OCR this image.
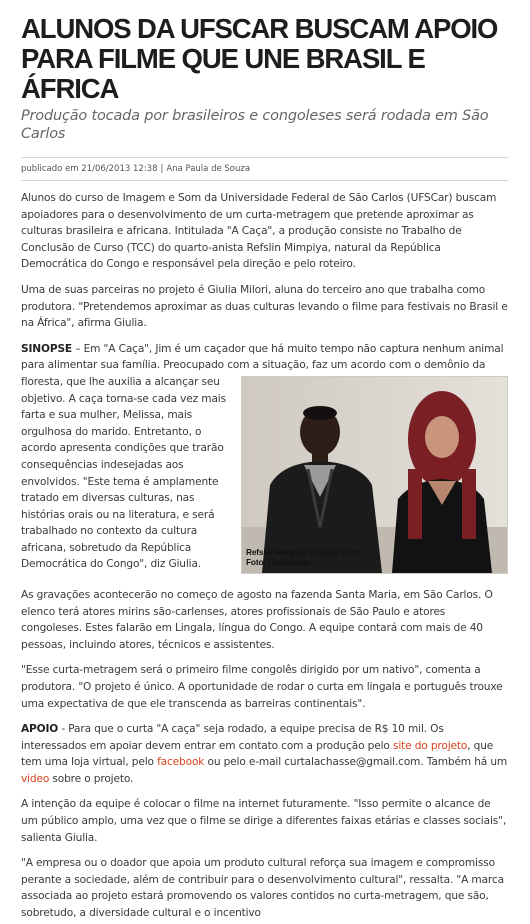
ALUNOS DA UFSCAR BUSCAM APOIO PARA FILME QUE UNE BRASIL E ÁFRICA
Produção tocada por brasileiros e congoleses será rodada em São Carlos
publicado em 21/06/2013 12:38 | Ana Paula de Souza

Alunos do curso de Imagem e Som da Universidade Federal de São Carlos (UFSCar) buscam apoiadores para o desenvolvimento de um curta-metragem que pretende aproximar as culturas brasileira e africana. Intitulada "A Caça", a produção consiste no Trabalho de Conclusão de Curso (TCC) do quarto-anista Refslin Mimpiya, natural da República Democrática do Congo e responsável pela direção e pelo roteiro.

Uma de suas parceiras no projeto é Giulia Milori, aluna do terceiro ano que trabalha como produtora. "Pretendemos aproximar as duas culturas levando o filme para festivais no Brasil e na África", afirma Giulia.

SINOPSE – Em "A Caça", Jim é um caçador que há muito tempo não captura nenhum animal para alimentar sua família. Preocupado com a situação, faz um acordo com o
Refslin Mimpiya e Giulia Milori
Foto: Divulgação
demônio da floresta, que lhe auxilia a alcançar seu objetivo. A caça torna-se cada vez mais farta e sua mulher, Melissa, mais orgulhosa do marido. Entretanto, o acordo apresenta condições que trarão consequências indesejadas aos envolvidos. "Este tema é amplamente tratado em diversas culturas, nas histórias orais ou na literatura, e será trabalhado no contexto da cultura africana, sobretudo da República Democrática do Congo", diz Giulia.

As gravações acontecerão no começo de agosto na fazenda Santa Maria, em São Carlos. O elenco terá atores mirins são-carlenses, atores profissionais de São Paulo e atores congoleses. Estes falarão em Lingala, língua do Congo. A equipe contará com mais de 40 pessoas, incluindo atores, técnicos e assistentes.

"Esse curta-metragem será o primeiro filme congolês dirigido por um nativo", comenta a produtora. "O projeto é único. A oportunidade de rodar o curta em lingala e português trouxe uma expectativa de que ele transcenda as barreiras continentais".

APOIO - Para que o curta "A caça" seja rodado, a equipe precisa de R$ 10 mil. Os interessados em apoiar devem entrar em contato com a produção pelo site do projeto, que tem uma loja virtual, pelo facebook ou pelo e-mail curtalachasse@gmail.com. Também há um video sobre o projeto.

A intenção da equipe é colocar o filme na internet futuramente. "Isso permite o alcance de um público amplo, uma vez que o filme se dirige a diferentes faixas etárias e classes sociais", salienta Giulia.

"A empresa ou o doador que apoia um produto cultural reforça sua imagem e compromisso perante a sociedade, além de contribuir para o desenvolvimento cultural", ressalta. "A marca associada ao projeto estará promovendo os valores contidos no curta-metragem, que são, sobretudo, a diversidade cultural e o incentivo
